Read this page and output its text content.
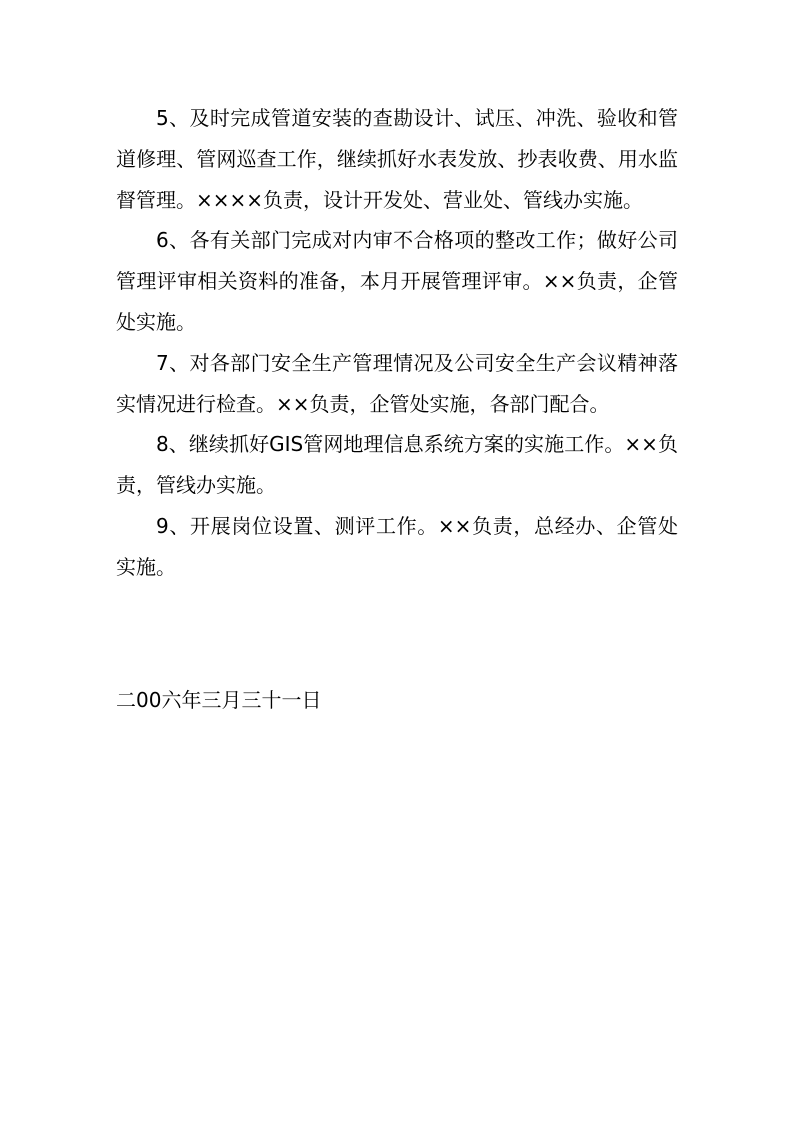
5、及时完成管道安装的查勘设计、试压、冲洗、验收和管道修理、管网巡查工作，继续抓好水表发放、抄表收费、用水监督管理。××××负责，设计开发处、营业处、管线办实施。

6、各有关部门完成对内审不合格项的整改工作；做好公司管理评审相关资料的准备，本月开展管理评审。××负责，企管处实施。

7、对各部门安全生产管理情况及公司安全生产会议精神落实情况进行检查。××负责，企管处实施，各部门配合。

8、继续抓好GIS管网地理信息系统方案的实施工作。××负责，管线办实施。

9、开展岗位设置、测评工作。××负责，总经办、企管处实施。

二00六年三月三十一日
